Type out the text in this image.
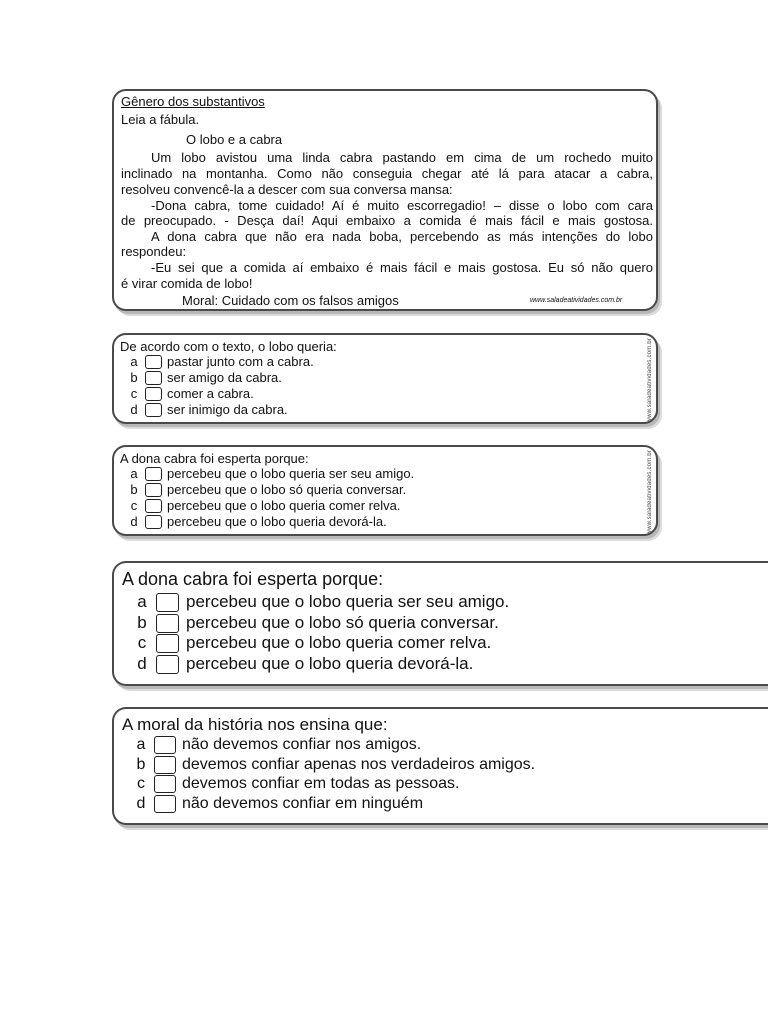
Gênero dos substantivos
Leia a fábula.
O lobo e a cabra
Um lobo avistou uma linda cabra pastando em cima de um rochedo muito
inclinado na montanha. Como não conseguia chegar até lá para atacar a cabra,
resolveu convencê-la a descer com sua conversa mansa:
-Dona cabra, tome cuidado! Aí é muito escorregadio! – disse o lobo com cara
de preocupado. - Desça daí! Aqui embaixo a comida é mais fácil e mais gostosa.
A dona cabra que não era nada boba, percebendo as más intenções do lobo
respondeu:
-Eu sei que a comida aí embaixo é mais fácil e mais gostosa. Eu só não quero
é virar comida de lobo!
Moral: Cuidado com os falsos amigos	www.saladeatividades.com.br
De acordo com o texto, o lobo queria:
a	pastar junto com a cabra.
b	ser amigo da cabra.
c	comer a cabra.
d	ser inimigo da cabra.	www.saladeatividades.com.br
A dona cabra foi esperta porque:
a	percebeu que o lobo queria ser seu amigo.
b	percebeu que o lobo só queria conversar.
c	percebeu que o lobo queria comer relva.
d	percebeu que o lobo queria devorá-la.	www.saladeatividades.com.br
A dona cabra foi esperta porque:
a	percebeu que o lobo queria ser seu amigo.
b	percebeu que o lobo só queria conversar.
c	percebeu que o lobo queria comer relva.
d	percebeu que o lobo queria devorá-la.
A moral da história nos ensina que:
a não devemos confiar nos amigos.
b devemos confiar apenas nos verdadeiros amigos.
c	devemos confiar em todas as pessoas.
d não devemos confiar em ninguém
